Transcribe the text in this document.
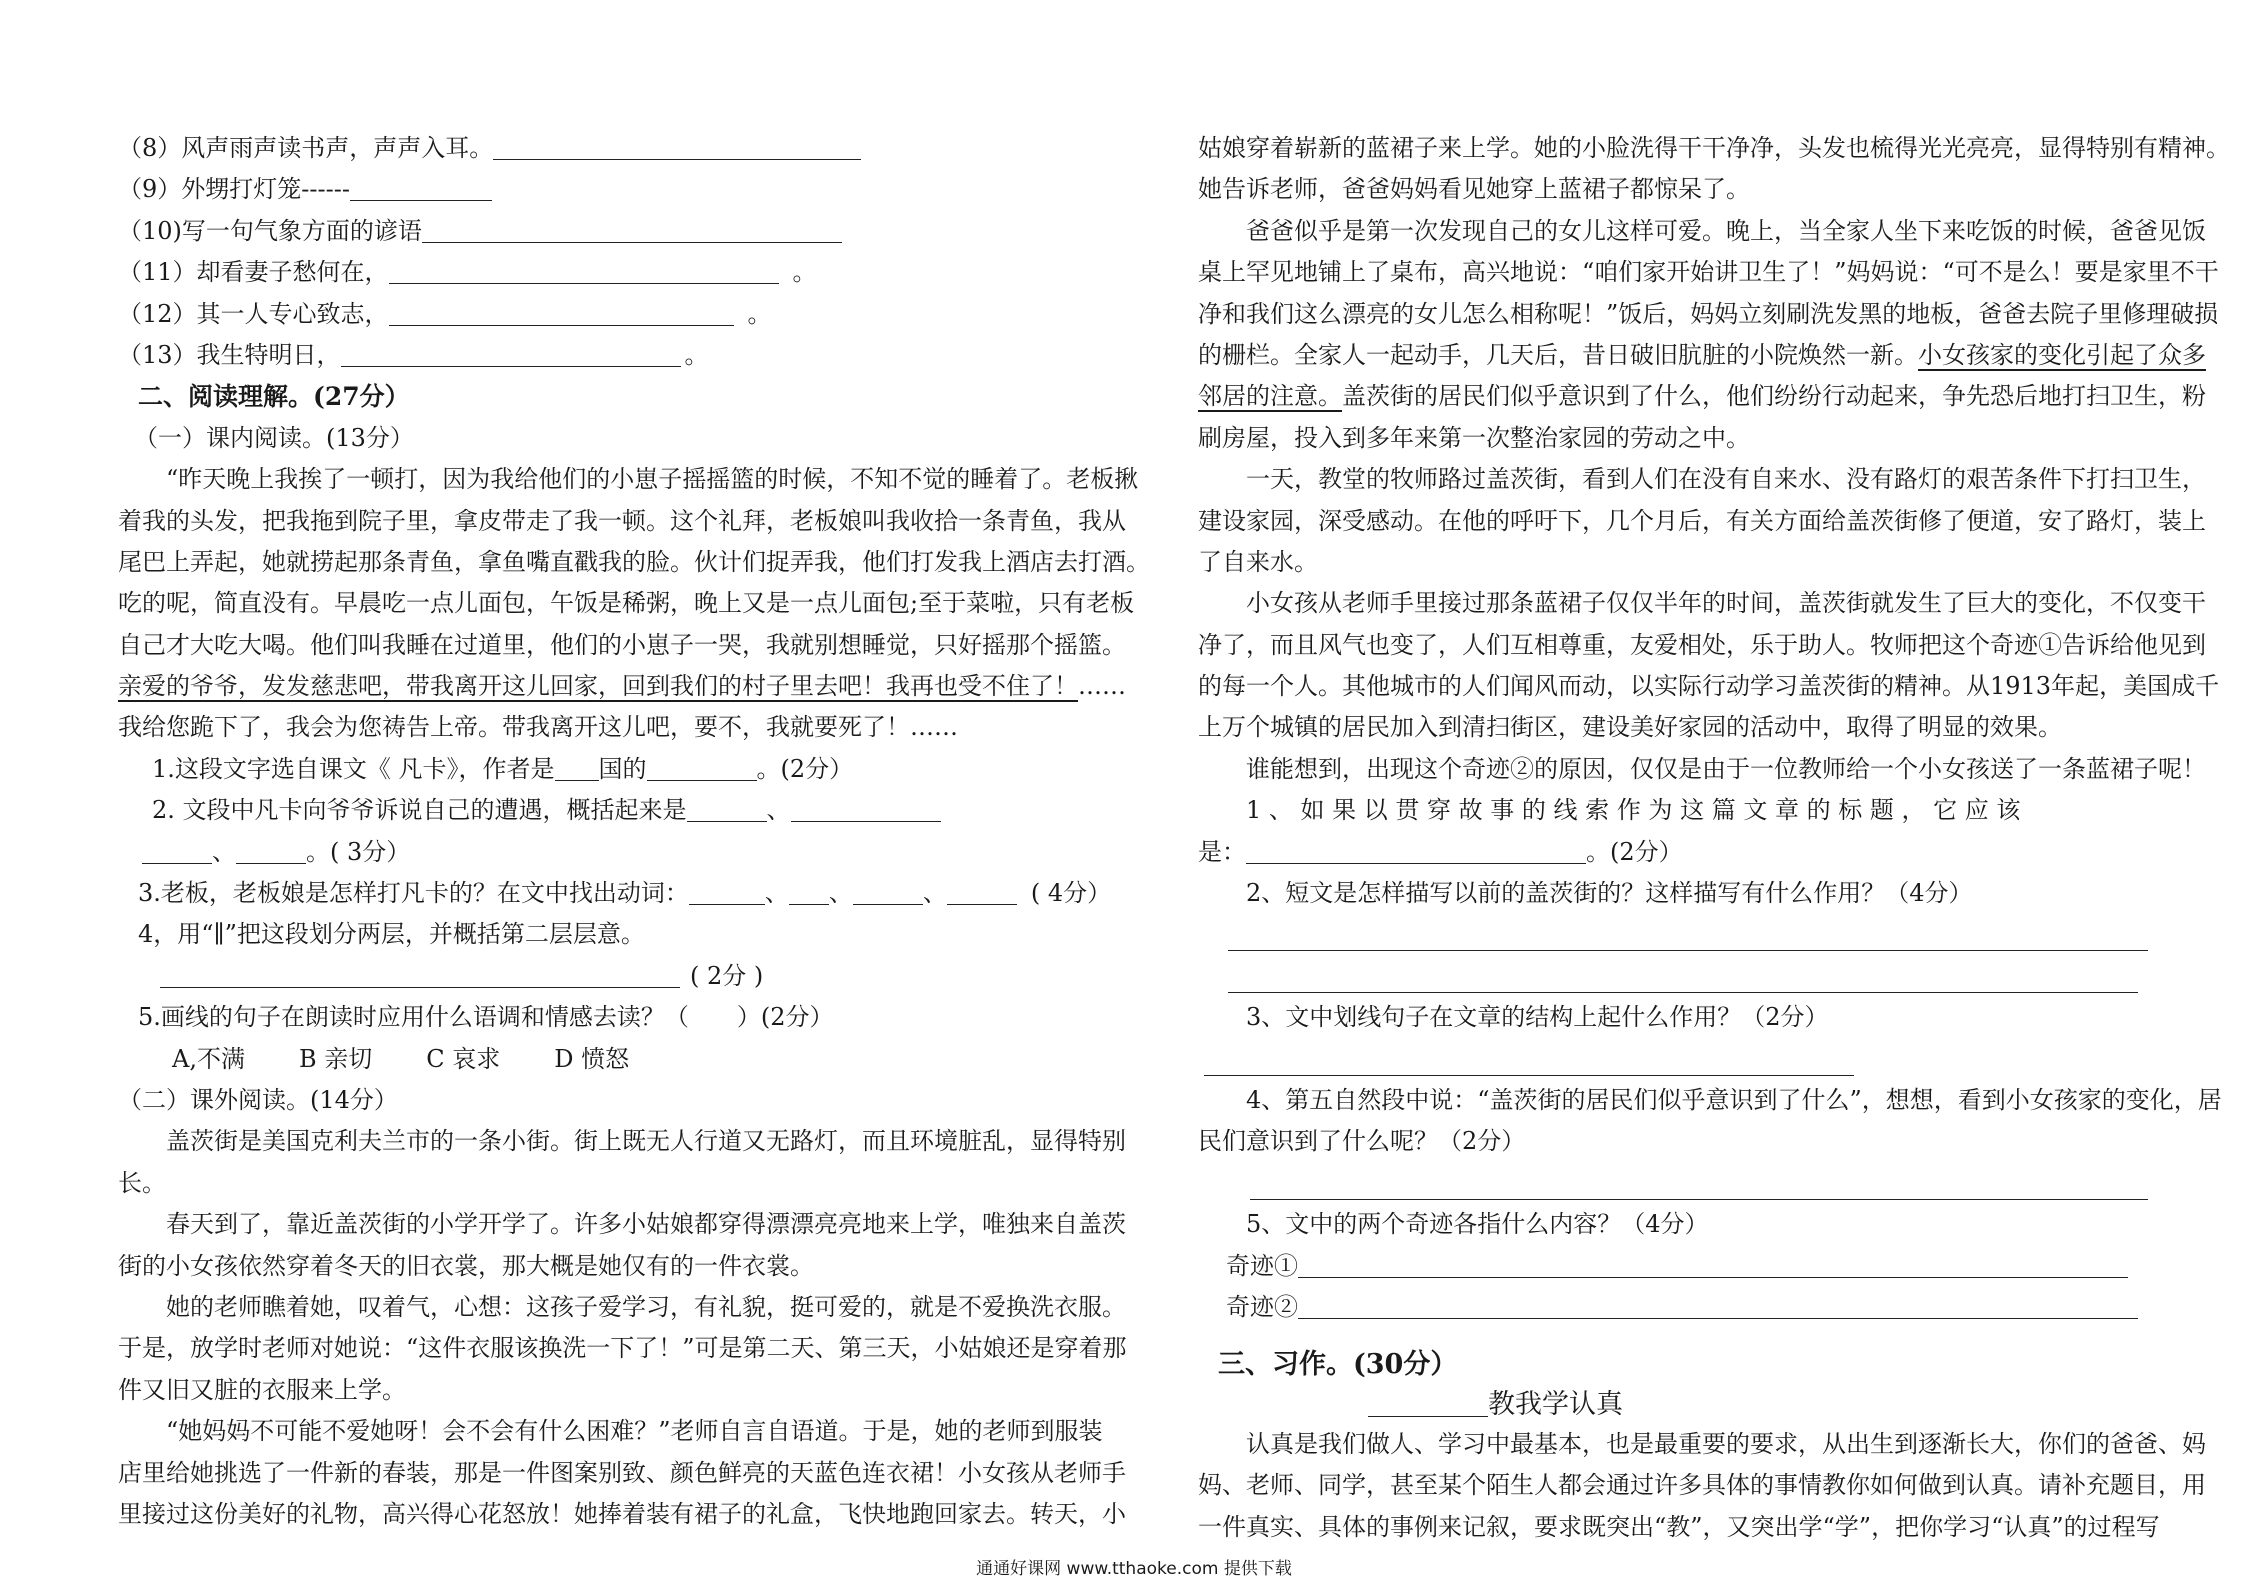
（8）风声雨声读书声，声声入耳。
（9）外甥打灯笼------
（10)写一句气象方面的谚语
（11）却看妻子愁何在，	。
（12）其一人专心致志，	。
（13）我生特明日，	。
二、阅读理解。(27分）
（一）课内阅读。(13分）
“昨天晚上我挨了一顿打，因为我给他们的小崽子摇摇篮的时候，不知不觉的睡着了。老板揪
着我的头发，把我拖到院子里，拿皮带走了我一顿。这个礼拜，老板娘叫我收拾一条青鱼，我从
尾巴上弄起，她就捞起那条青鱼，拿鱼嘴直戳我的脸。伙计们捉弄我，他们打发我上酒店去打酒。
吃的呢，简直没有。早晨吃一点儿面包，午饭是稀粥，晚上又是一点儿面包;至于菜啦，只有老板
自己才大吃大喝。他们叫我睡在过道里，他们的小崽子一哭，我就别想睡觉，只好摇那个摇篮。
亲爱的爷爷，发发慈悲吧，带我离开这儿回家，回到我们的村子里去吧！我再也受不住了！……
我给您跪下了，我会为您祷告上帝。带我离开这儿吧，要不，我就要死了！……
1.这段文字选自课文《 凡卡》，作者是 国的	。(2分）
2. 文段中凡卡向爷爷诉说自己的遭遇，概括起来是	、
、	。( 3分）
3.老板，老板娘是怎样打凡卡的？在文中找出动词：	、 、	、	( 4分）
4，用“∥”把这段划分两层，并概括第二层层意。
( 2分 )
5.画线的句子在朗读时应用什么语调和情感去读？（　　）(2分）
A,不满 B 亲切 C 哀求 D 愤怒
（二）课外阅读。(14分）
盖茨街是美国克利夫兰市的一条小街。街上既无人行道又无路灯，而且环境脏乱，显得特别
长。
春天到了，靠近盖茨街的小学开学了。许多小姑娘都穿得漂漂亮亮地来上学，唯独来自盖茨
街的小女孩依然穿着冬天的旧衣裳，那大概是她仅有的一件衣裳。
她的老师瞧着她，叹着气，心想：这孩子爱学习，有礼貌，挺可爱的，就是不爱换洗衣服。
于是，放学时老师对她说：“这件衣服该换洗一下了！”可是第二天、第三天，小姑娘还是穿着那
件又旧又脏的衣服来上学。
“她妈妈不可能不爱她呀！会不会有什么困难？”老师自言自语道。于是，她的老师到服装
店里给她挑选了一件新的春装，那是一件图案别致、颜色鲜亮的天蓝色连衣裙！小女孩从老师手
里接过这份美好的礼物，高兴得心花怒放！她捧着装有裙子的礼盒，飞快地跑回家去。转天，小
姑娘穿着崭新的蓝裙子来上学。她的小脸洗得干干净净，头发也梳得光光亮亮，显得特别有精神。
她告诉老师，爸爸妈妈看见她穿上蓝裙子都惊呆了。
爸爸似乎是第一次发现自己的女儿这样可爱。晚上，当全家人坐下来吃饭的时候，爸爸见饭
桌上罕见地铺上了桌布，高兴地说：“咱们家开始讲卫生了！”妈妈说：“可不是么！要是家里不干
净和我们这么漂亮的女儿怎么相称呢！”饭后，妈妈立刻刷洗发黑的地板，爸爸去院子里修理破损
的栅栏。全家人一起动手，几天后，昔日破旧肮脏的小院焕然一新。小女孩家的变化引起了众多
邻居的注意。盖茨街的居民们似乎意识到了什么，他们纷纷行动起来，争先恐后地打扫卫生，粉
刷房屋，投入到多年来第一次整治家园的劳动之中。
一天，教堂的牧师路过盖茨街，看到人们在没有自来水、没有路灯的艰苦条件下打扫卫生，
建设家园，深受感动。在他的呼吁下，几个月后，有关方面给盖茨街修了便道，安了路灯，装上
了自来水。
小女孩从老师手里接过那条蓝裙子仅仅半年的时间，盖茨街就发生了巨大的变化，不仅变干
净了，而且风气也变了，人们互相尊重，友爱相处，乐于助人。牧师把这个奇迹①告诉给他见到
的每一个人。其他城市的人们闻风而动，以实际行动学习盖茨街的精神。从1913年起，美国成千
上万个城镇的居民加入到清扫街区，建设美好家园的活动中，取得了明显的效果。
谁能想到，出现这个奇迹②的原因，仅仅是由于一位教师给一个小女孩送了一条蓝裙子呢！
1 、 如 果 以 贯 穿 故 事 的 线 索 作 为 这 篇 文 章 的 标 题 ， 它 应 该
是：	。(2分）
2、短文是怎样描写以前的盖茨街的？这样描写有什么作用？（4分）
3、文中划线句子在文章的结构上起什么作用？（2分）
4、第五自然段中说：“盖茨街的居民们似乎意识到了什么”，想想，看到小女孩家的变化，居
民们意识到了什么呢？（2分）
5、文中的两个奇迹各指什么内容？（4分）
奇迹①
奇迹②
三、习作。(30分）
教我学认真
认真是我们做人、学习中最基本，也是最重要的要求，从出生到逐渐长大，你们的爸爸、妈
妈、老师、同学，甚至某个陌生人都会通过许多具体的事情教你如何做到认真。请补充题目，用
一件真实、具体的事例来记叙，要求既突出“教”，又突出学“学”，把你学习“认真”的过程写
通通好课网 www.tthaoke.com 提供下载
